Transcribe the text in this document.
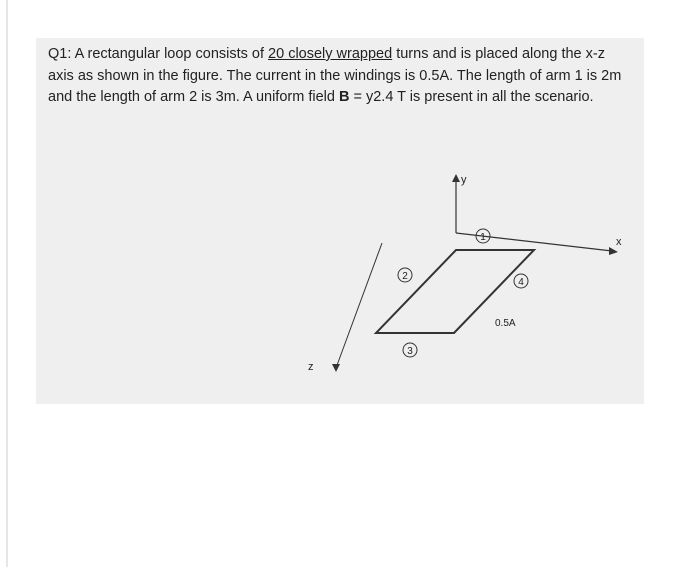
Q1: A rectangular loop consists of 20 closely wrapped turns and is placed along the x-z axis as shown in the figure. The current in the windings is 0.5A. The length of arm 1 is 2m and the length of arm 2 is 3m. A uniform field B = y2.4 T is present in all the scenario.

y
x
z
1
2
4
3
0.5A
